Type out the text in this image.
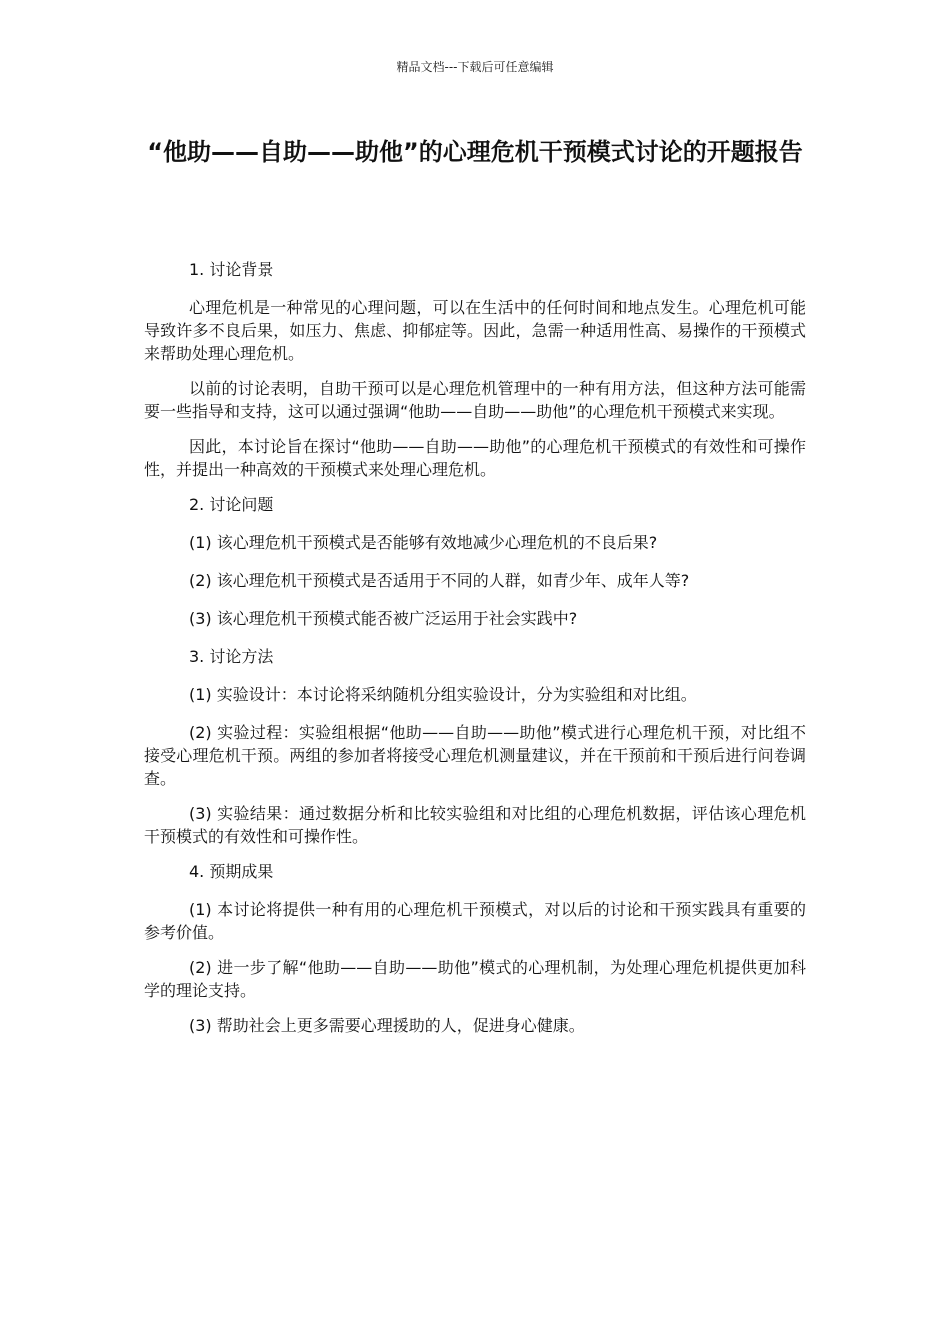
精品文档---下载后可任意编辑
“他助——自助——助他”的心理危机干预模式讨论的开题报告

1. 讨论背景

心理危机是一种常见的心理问题，可以在生活中的任何时间和地点发生。心理危机可能导致许多不良后果，如压力、焦虑、抑郁症等。因此，急需一种适用性高、易操作的干预模式来帮助处理心理危机。

以前的讨论表明，自助干预可以是心理危机管理中的一种有用方法，但这种方法可能需要一些指导和支持，这可以通过强调“他助——自助——助他”的心理危机干预模式来实现。

因此，本讨论旨在探讨“他助——自助——助他”的心理危机干预模式的有效性和可操作性，并提出一种高效的干预模式来处理心理危机。

2. 讨论问题

(1) 该心理危机干预模式是否能够有效地减少心理危机的不良后果?

(2) 该心理危机干预模式是否适用于不同的人群，如青少年、成年人等?

(3) 该心理危机干预模式能否被广泛运用于社会实践中?

3. 讨论方法

(1) 实验设计：本讨论将采纳随机分组实验设计，分为实验组和对比组。

(2) 实验过程：实验组根据“他助——自助——助他”模式进行心理危机干预，对比组不接受心理危机干预。两组的参加者将接受心理危机测量建议，并在干预前和干预后进行问卷调查。

(3) 实验结果：通过数据分析和比较实验组和对比组的心理危机数据，评估该心理危机干预模式的有效性和可操作性。

4. 预期成果

(1) 本讨论将提供一种有用的心理危机干预模式，对以后的讨论和干预实践具有重要的参考价值。

(2) 进一步了解“他助——自助——助他”模式的心理机制，为处理心理危机提供更加科学的理论支持。

(3) 帮助社会上更多需要心理援助的人，促进身心健康。
